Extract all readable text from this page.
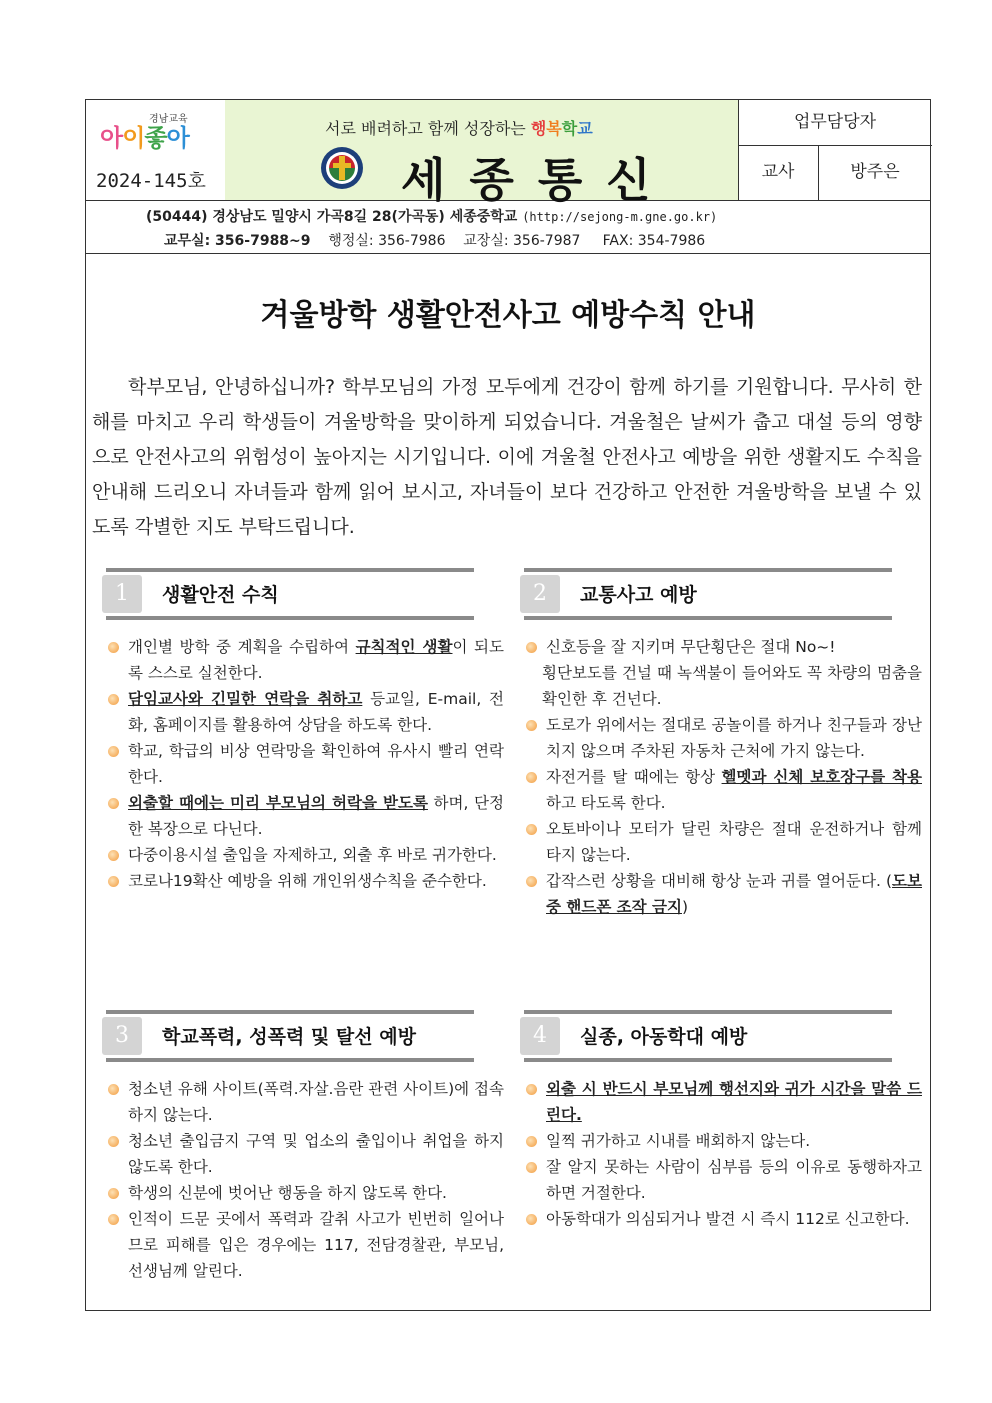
경남교육
아이좋아
2024-145호
서로 배려하고 함께 성장하는 행복학교
세종통신
업무담당자
교사	방주은
(50444) 경상남도 밀양시 가곡8길 28(가곡동) 세종중학교 (http://sejong-m.gne.go.kr)
교무실: 356-7988~9    행정실: 356-7986    교장실: 356-7987     FAX: 354-7986
겨울방학 생활안전사고 예방수칙 안내
학부모님, 안녕하십니까? 학부모님의 가정 모두에게 건강이 함께 하기를 기원합니다. 무사히 한해를 마치고 우리 학생들이 겨울방학을 맞이하게 되었습니다. 겨울철은 날씨가 춥고 대설 등의 영향으로 안전사고의 위험성이 높아지는 시기입니다. 이에 겨울철 안전사고 예방을 위한 생활지도 수칙을 안내해 드리오니 자녀들과 함께 읽어 보시고, 자녀들이 보다 건강하고 안전한 겨울방학을 보낼 수 있도록 각별한 지도 부탁드립니다.
1	생활안전 수칙
개인별 방학 중 계획을 수립하여 규칙적인 생활이 되도록 스스로 실천한다.
담임교사와 긴밀한 연락을 취하고 등교일, E-mail, 전화, 홈페이지를 활용하여 상담을 하도록 한다.
학교, 학급의 비상 연락망을 확인하여 유사시 빨리 연락한다.
외출할 때에는 미리 부모님의 허락을 받도록 하며, 단정한 복장으로 다닌다.
다중이용시설 출입을 자제하고, 외출 후 바로 귀가한다.
코로나19확산 예방을 위해 개인위생수칙을 준수한다.
2	교통사고 예방
신호등을 잘 지키며 무단횡단은 절대 No~!
횡단보도를 건널 때 녹색불이 들어와도 꼭 차량의 멈춤을 확인한 후 건넌다.
도로가 위에서는 절대로 공놀이를 하거나 친구들과 장난치지 않으며 주차된 자동차 근처에 가지 않는다.
자전거를 탈 때에는 항상 헬멧과 신체 보호장구를 착용하고 타도록 한다.
오토바이나 모터가 달린 차량은 절대 운전하거나 함께 타지 않는다.
갑작스런 상황을 대비해 항상 눈과 귀를 열어둔다. (도보 중 핸드폰 조작 금지)
3	학교폭력, 성폭력 및 탈선 예방
청소년 유해 사이트(폭력.자살.음란 관련 사이트)에 접속하지 않는다.
청소년 출입금지 구역 및 업소의 출입이나 취업을 하지 않도록 한다.
학생의 신분에 벗어난 행동을 하지 않도록 한다.
인적이 드문 곳에서 폭력과 갈취 사고가 빈번히 일어나므로 피해를 입은 경우에는 117, 전담경찰관, 부모님, 선생님께 알린다.
4	실종, 아동학대 예방
외출 시 반드시 부모님께 행선지와 귀가 시간을 말씀 드린다.
일찍 귀가하고 시내를 배회하지 않는다.
잘 알지 못하는 사람이 심부름 등의 이유로 동행하자고 하면 거절한다.
아동학대가 의심되거나 발견 시 즉시 112로 신고한다.
